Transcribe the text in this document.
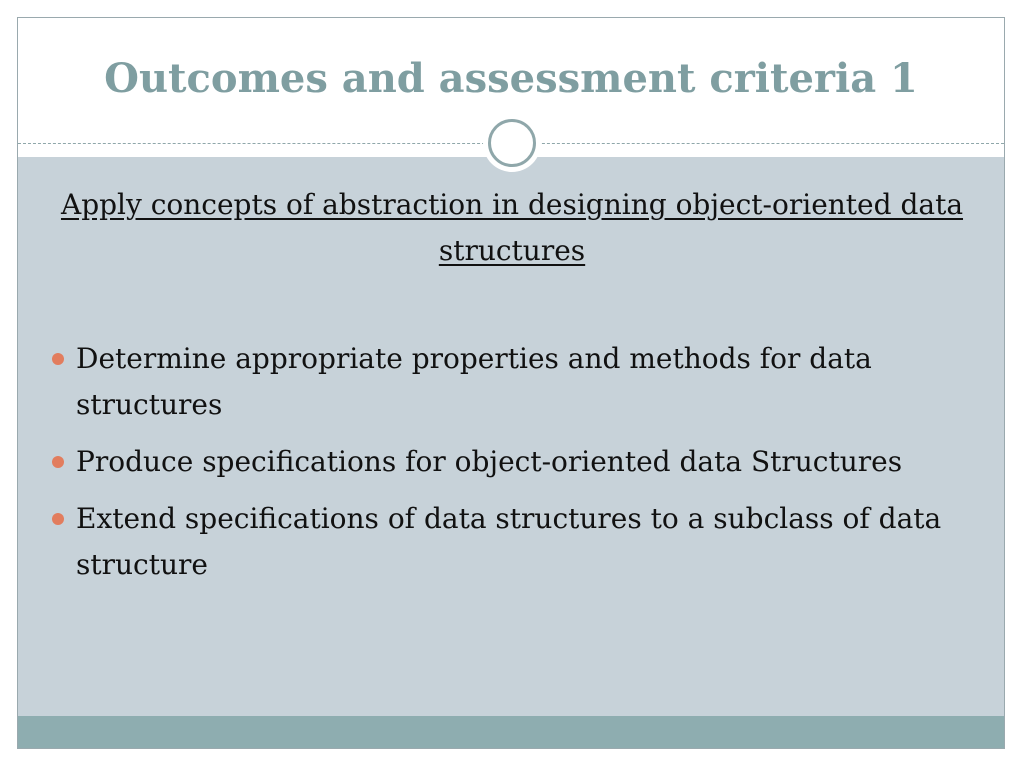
Outcomes and assessment criteria 1

Apply concepts of abstraction in designing object-oriented data structures

Determine appropriate properties and methods for data structures
Produce specifications for object-oriented data Structures
Extend specifications of data structures to a subclass of data structure
